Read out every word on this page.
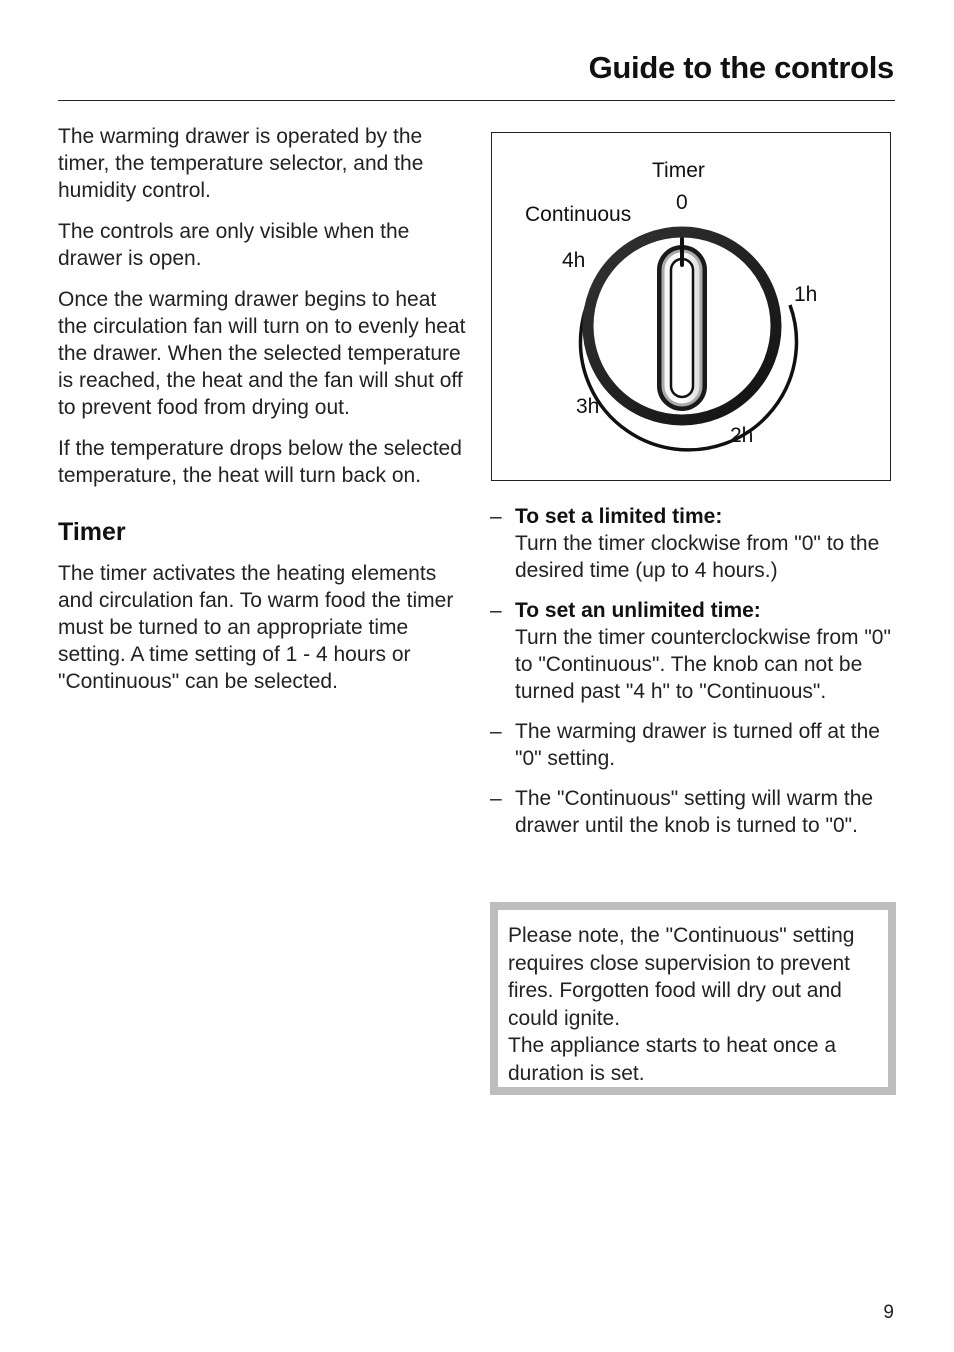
Guide to the controls

The warming drawer is operated by the timer, the temperature selector, and the humidity control.

The controls are only visible when the drawer is open.

Once the warming drawer begins to heat the circulation fan will turn on to evenly heat the drawer. When the selected temperature is reached, the heat and the fan will shut off to prevent food from drying out.

If the temperature drops below the selected temperature, the heat will turn back on.

Timer

The timer activates the heating elements and circulation fan. To warm food the timer must be turned to an appropriate time setting. A time setting of 1 - 4 hours or "Continuous" can be selected.

Timer
0
Continuous
4h
1h
3h
2h
– To set a limited time:
Turn the timer clockwise from "0" to the desired time (up to 4 hours.)
– To set an unlimited time:
Turn the timer counterclockwise from "0" to "Continuous". The knob can not be turned past "4 h" to "Continuous".
– The warming drawer is turned off at the "0" setting.
– The "Continuous" setting will warm the drawer until the knob is turned to "0".

Please note, the "Continuous" setting requires close supervision to prevent fires. Forgotten food will dry out and could ignite.

The appliance starts to heat once a duration is set.

9
